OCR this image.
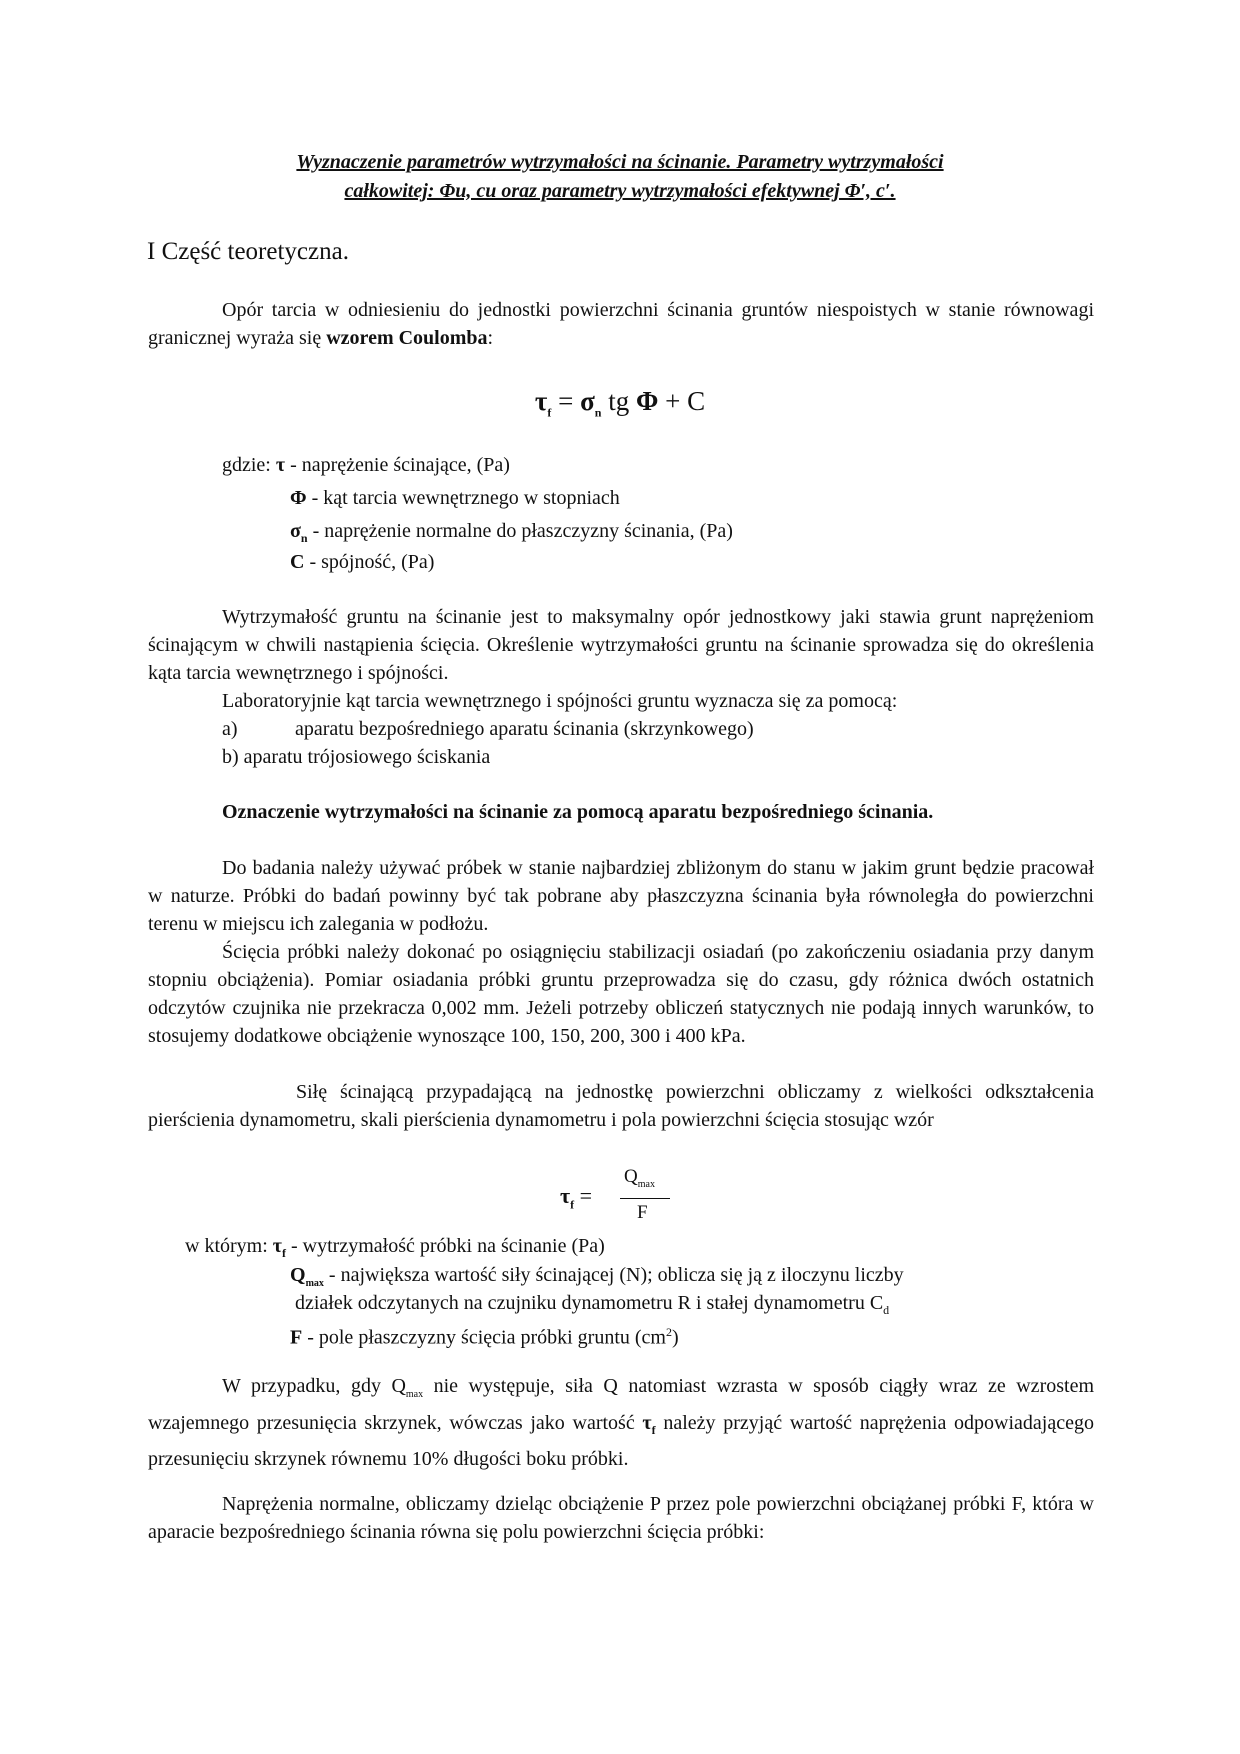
Wyznaczenie parametrów wytrzymałości na ścinanie. Parametry wytrzymałości
całkowitej: Φu, cu oraz parametry wytrzymałości efektywnej Φ′, c′.
I Część teoretyczna.

Opór tarcia w odniesieniu do jednostki powierzchni ścinania gruntów niespoistych w stanie równowagi granicznej wyraża się wzorem Coulomba:

$\tau_f = \sigma_n$ tg Φ + C
gdzie: τ - naprężenie ścinające, (Pa)
Φ - kąt tarcia wewnętrznego w stopniach
$\sigma_n$ - naprężenie normalne do płaszczyzny ścinania, (Pa)
C - spójność, (Pa)

Wytrzymałość gruntu na ścinanie jest to maksymalny opór jednostkowy jaki stawia grunt naprężeniom ścinającym w chwili nastąpienia ścięcia. Określenie wytrzymałości gruntu na ścinanie sprowadza się do określenia kąta tarcia wewnętrznego i spójności.

Laboratoryjnie kąt tarcia wewnętrznego i spójności gruntu wyznacza się za pomocą:

a)	aparatu bezpośredniego aparatu ścinania (skrzynkowego)
b) aparatu trójosiowego ściskania

Oznaczenie wytrzymałości na ścinanie za pomocą aparatu bezpośredniego ścinania.

Do badania należy używać próbek w stanie najbardziej zbliżonym do stanu w jakim grunt będzie pracował w naturze. Próbki do badań powinny być tak pobrane aby płaszczyzna ścinania była równoległa do powierzchni terenu w miejscu ich zalegania w podłożu.

Ścięcia próbki należy dokonać po osiągnięciu stabilizacji osiadań (po zakończeniu osiadania przy danym stopniu obciążenia). Pomiar osiadania próbki gruntu przeprowadza się do czasu, gdy różnica dwóch ostatnich odczytów czujnika nie przekracza 0,002 mm. Jeżeli potrzeby obliczeń statycznych nie podają innych warunków, to stosujemy dodatkowe obciążenie wynoszące 100, 150, 200, 300 i 400 kPa.

Siłę ścinającą przypadającą na jednostkę powierzchni obliczamy z wielkości odkształcenia pierścienia dynamometru, skali pierścienia dynamometru i pola powierzchni ścięcia stosując wzór

$\tau_f$ =
$Q_{max}$
F
w którym: $\tau_f$ - wytrzymałość próbki na ścinanie (Pa)
$Q_{max}$ - największa wartość siły ścinającej (N); oblicza się ją z iloczynu liczby
działek odczytanych na czujniku dynamometru R i stałej dynamometru $C_d$
F - pole płaszczyzny ścięcia próbki gruntu $(cm^2)$

W przypadku, gdy $Q_{max}$ nie występuje, siła Q natomiast wzrasta w sposób ciągły wraz ze wzrostem wzajemnego przesunięcia skrzynek, wówczas jako wartość $\tau_f$ należy przyjąć wartość naprężenia odpowiadającego przesunięciu skrzynek równemu 10% długości boku próbki.

Naprężenia normalne, obliczamy dzieląc obciążenie P przez pole powierzchni obciążanej próbki F, która w aparacie bezpośredniego ścinania równa się polu powierzchni ścięcia próbki:
